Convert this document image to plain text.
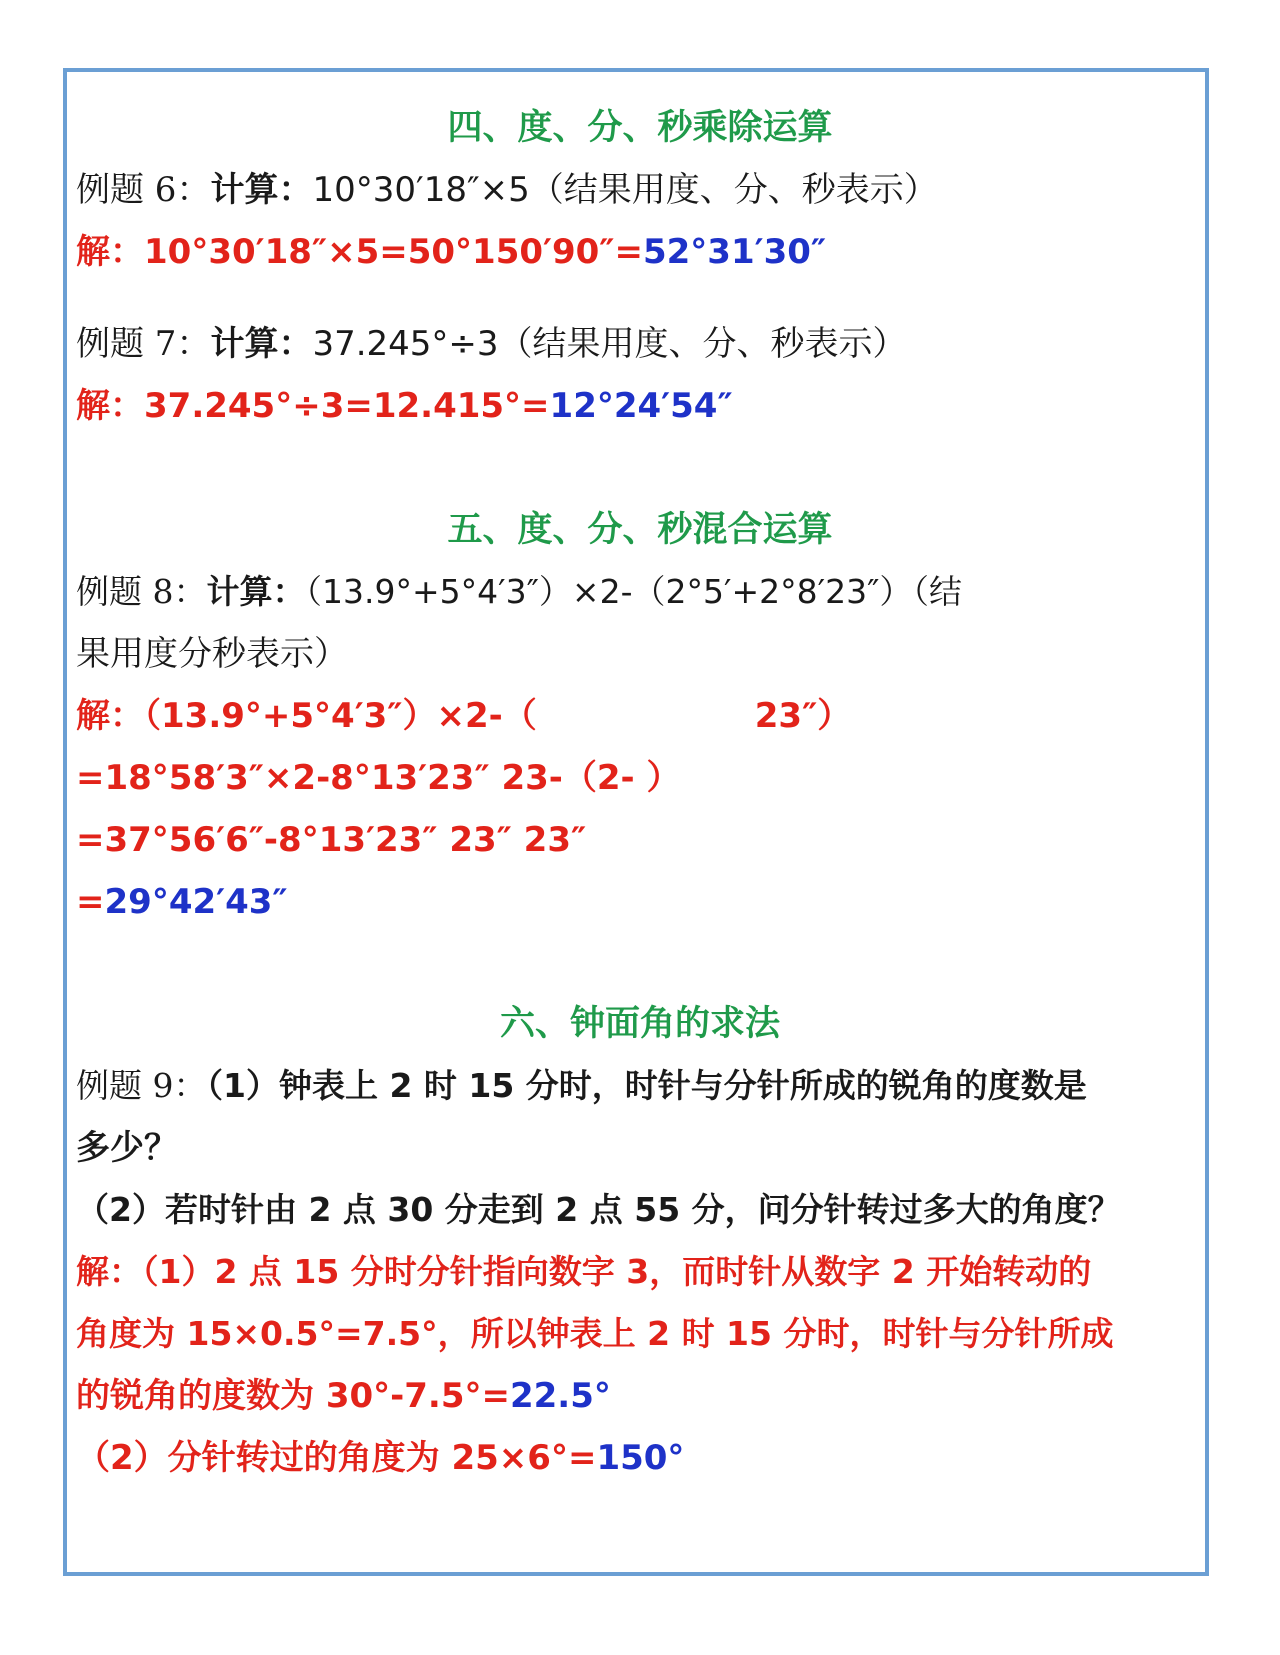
四、度、分、秒乘除运算
例题 6：计算：10°30′18″×5（结果用度、分、秒表示）
解：10°30′18″×5=50°150′90″=52°31′30″
例题 7：计算：37.245°÷3（结果用度、分、秒表示）
解：37.245°÷3=12.415°=12°24′54″
五、度、分、秒混合运算
例题 8：计算：（13.9°+5°4′3″）×2-（2°5′+2°8′23″）（结
果用度分秒表示）
解：（13.9°+5°4′3″）×2-（	23″）
=18°58′3″×2-8°13′23″ 23-（2- ）
=37°56′6″-8°13′23″ 23″ 23″
=29°42′43″
六、钟面角的求法
例题 9：（1）钟表上 2 时 15 分时，时针与分针所成的锐角的度数是
多少？
（2）若时针由 2 点 30 分走到 2 点 55 分，问分针转过多大的角度？
解：（1）2 点 15 分时分针指向数字 3，而时针从数字 2 开始转动的
角度为 15×0.5°=7.5°，所以钟表上 2 时 15 分时，时针与分针所成
的锐角的度数为 30°-7.5°=22.5°
（2）分针转过的角度为 25×6°=150°
